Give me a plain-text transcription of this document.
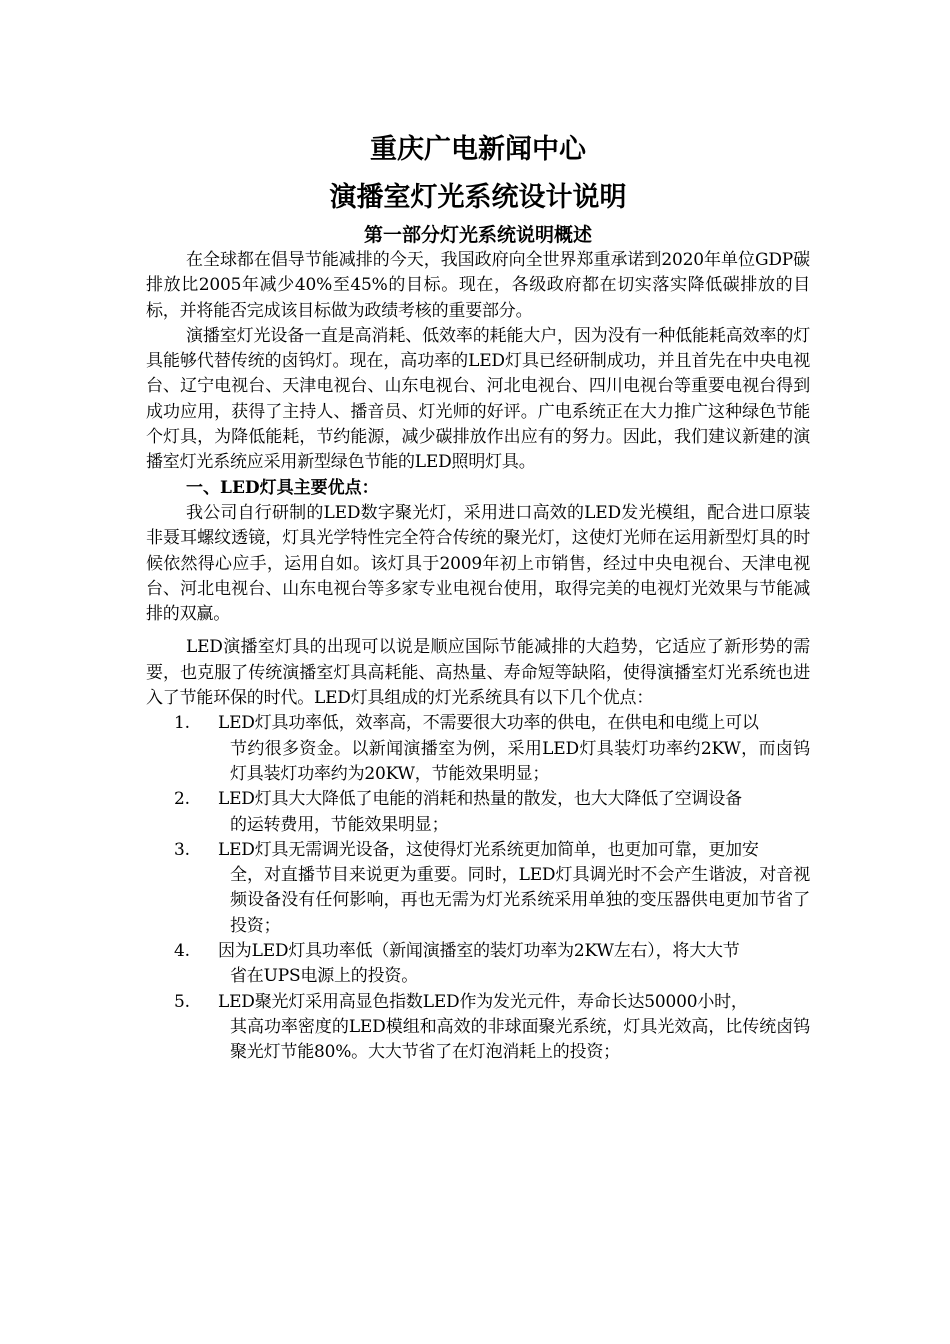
重庆广电新闻中心
演播室灯光系统设计说明
第一部分灯光系统说明概述

在全球都在倡导节能减排的今天，我国政府向全世界郑重承诺到2020年单位GDP碳排放比2005年减少40%至45%的目标。现在，各级政府都在切实落实降低碳排放的目标，并将能否完成该目标做为政绩考核的重要部分。

演播室灯光设备一直是高消耗、低效率的耗能大户，因为没有一种低能耗高效率的灯具能够代替传统的卤钨灯。现在，高功率的LED灯具已经研制成功，并且首先在中央电视台、辽宁电视台、天津电视台、山东电视台、河北电视台、四川电视台等重要电视台得到成功应用，获得了主持人、播音员、灯光师的好评。广电系统正在大力推广这种绿色节能个灯具，为降低能耗，节约能源，减少碳排放作出应有的努力。因此，我们建议新建的演播室灯光系统应采用新型绿色节能的LED照明灯具。

一、LED灯具主要优点：

我公司自行研制的LED数字聚光灯，采用进口高效的LED发光模组，配合进口原装非聂耳螺纹透镜，灯具光学特性完全符合传统的聚光灯，这使灯光师在运用新型灯具的时候依然得心应手，运用自如。该灯具于2009年初上市销售，经过中央电视台、天津电视台、河北电视台、山东电视台等多家专业电视台使用，取得完美的电视灯光效果与节能减排的双赢。

LED演播室灯具的出现可以说是顺应国际节能减排的大趋势，它适应了新形势的需要，也克服了传统演播室灯具高耗能、高热量、寿命短等缺陷，使得演播室灯光系统也进入了节能环保的时代。LED灯具组成的灯光系统具有以下几个优点：

1.	LED灯具功率低，效率高，不需要很大功率的供电，在供电和电缆上可以
节约很多资金。以新闻演播室为例，采用LED灯具装灯功率约2KW，而卤钨灯具装灯功率约为20KW，节能效果明显；
2.	LED灯具大大降低了电能的消耗和热量的散发，也大大降低了空调设备
的运转费用，节能效果明显；
3.	LED灯具无需调光设备，这使得灯光系统更加简单，也更加可靠，更加安
全，对直播节目来说更为重要。同时，LED灯具调光时不会产生谐波，对音视频设备没有任何影响，再也无需为灯光系统采用单独的变压器供电更加节省了投资；
4.	因为LED灯具功率低（新闻演播室的装灯功率为2KW左右），将大大节
省在UPS电源上的投资。
5.	LED聚光灯采用高显色指数LED作为发光元件，寿命长达50000小时，
其高功率密度的LED模组和高效的非球面聚光系统，灯具光效高，比传统卤钨聚光灯节能80%。大大节省了在灯泡消耗上的投资；
